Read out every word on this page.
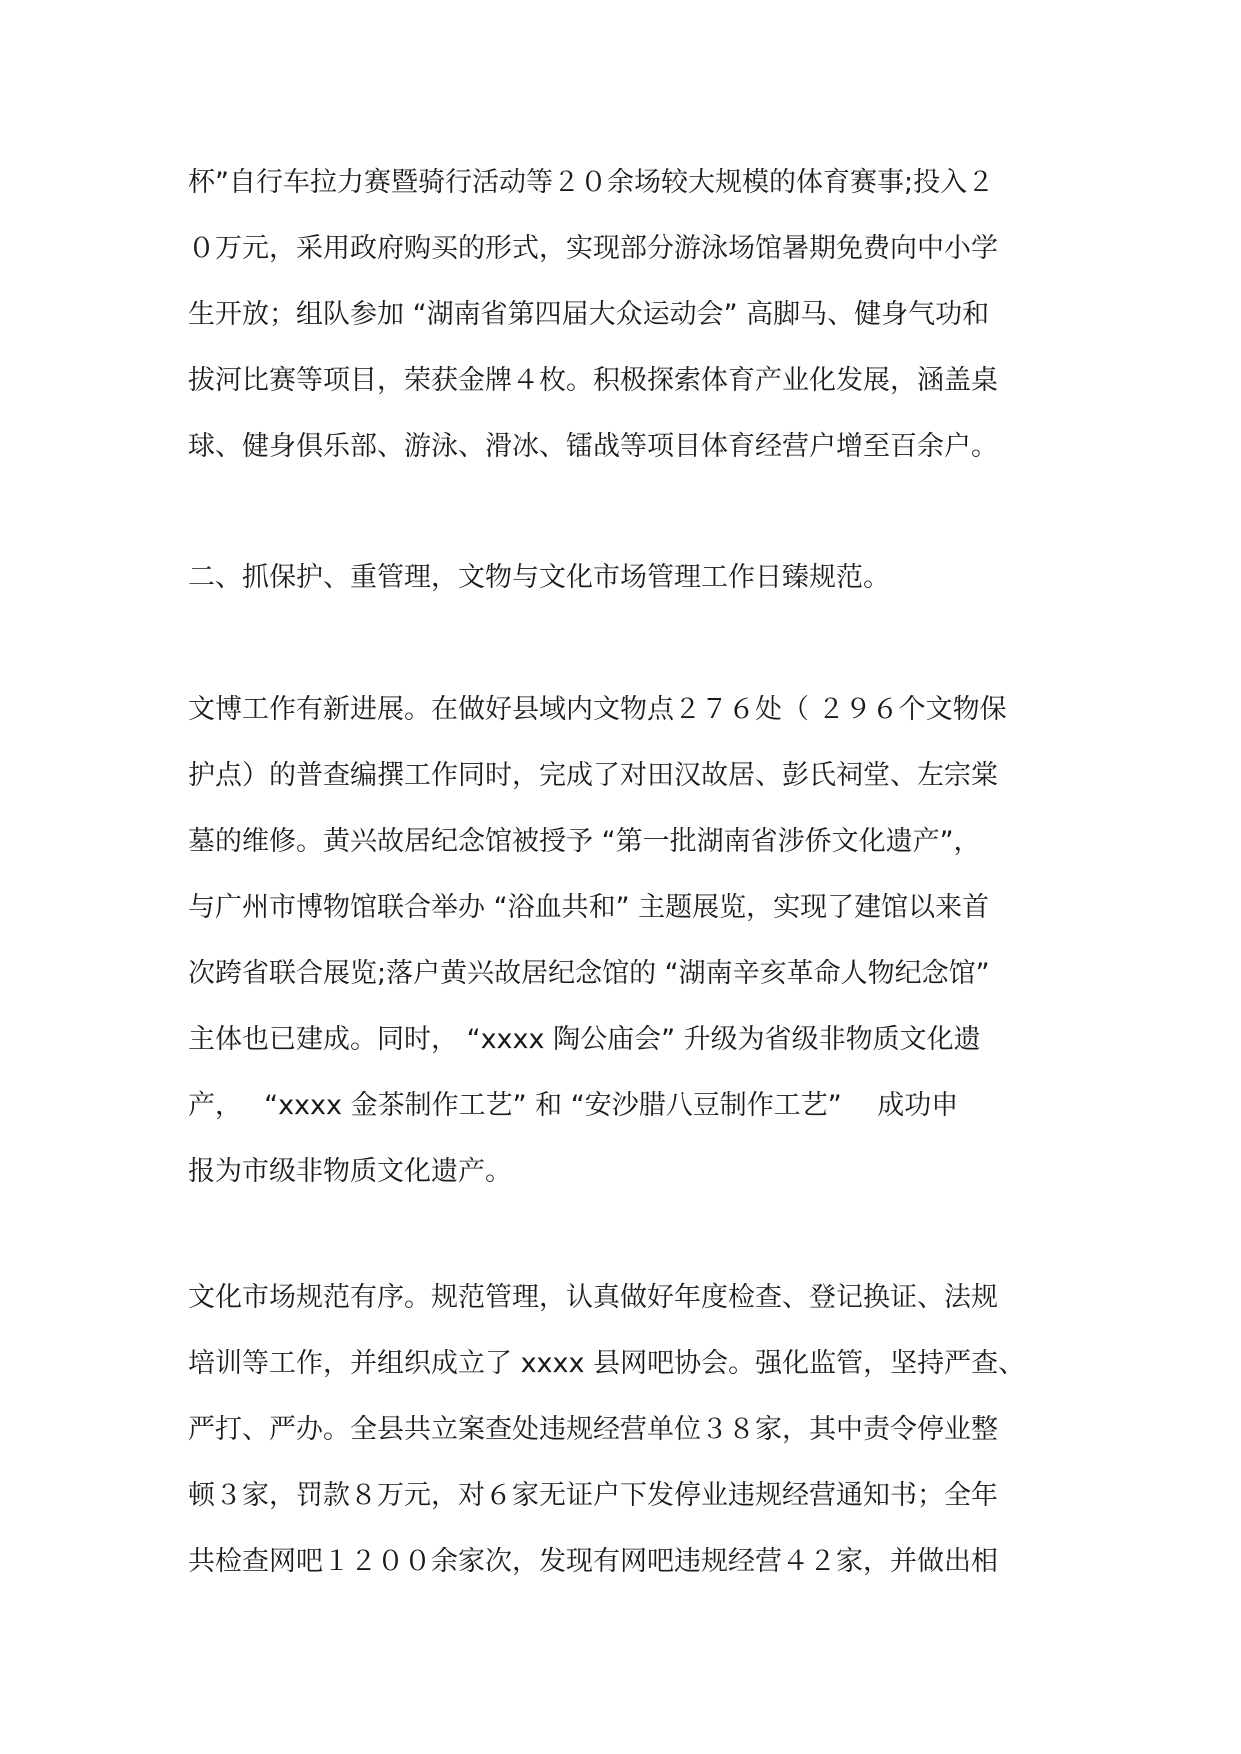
杯”自行车拉力赛暨骑行活动等２０余场较大规模的体育赛事;投入２
０万元，采用政府购买的形式，实现部分游泳场馆暑期免费向中小学
生开放；组队参加 “湖南省第四届大众运动会” 高脚马、健身气功和
拔河比赛等项目，荣获金牌４枚。积极探索体育产业化发展，涵盖桌
球、健身俱乐部、游泳、滑冰、镭战等项目体育经营户增至百余户。
二、抓保护、重管理，文物与文化市场管理工作日臻规范。
文博工作有新进展。在做好县域内文物点２７６处（ ２９６个文物保
护点）的普查编撰工作同时，完成了对田汉故居、彭氏祠堂、左宗棠
墓的维修。黄兴故居纪念馆被授予 “第一批湖南省涉侨文化遗产”，
与广州市博物馆联合举办 “浴血共和” 主题展览，实现了建馆以来首
次跨省联合展览;落户黄兴故居纪念馆的 “湖南辛亥革命人物纪念馆”
主体也已建成。同时， “xxxx 陶公庙会” 升级为省级非物质文化遗
产，　 “xxxx 金茶制作工艺” 和 “安沙腊八豆制作工艺”　 成功申
报为市级非物质文化遗产。
文化市场规范有序。规范管理，认真做好年度检查、登记换证、法规
培训等工作，并组织成立了 xxxx 县网吧协会。强化监管，坚持严查、
严打、严办。全县共立案查处违规经营单位３８家，其中责令停业整
顿３家，罚款８万元，对６家无证户下发停业违规经营通知书；全年
共检查网吧１２００余家次，发现有网吧违规经营４２家，并做出相
